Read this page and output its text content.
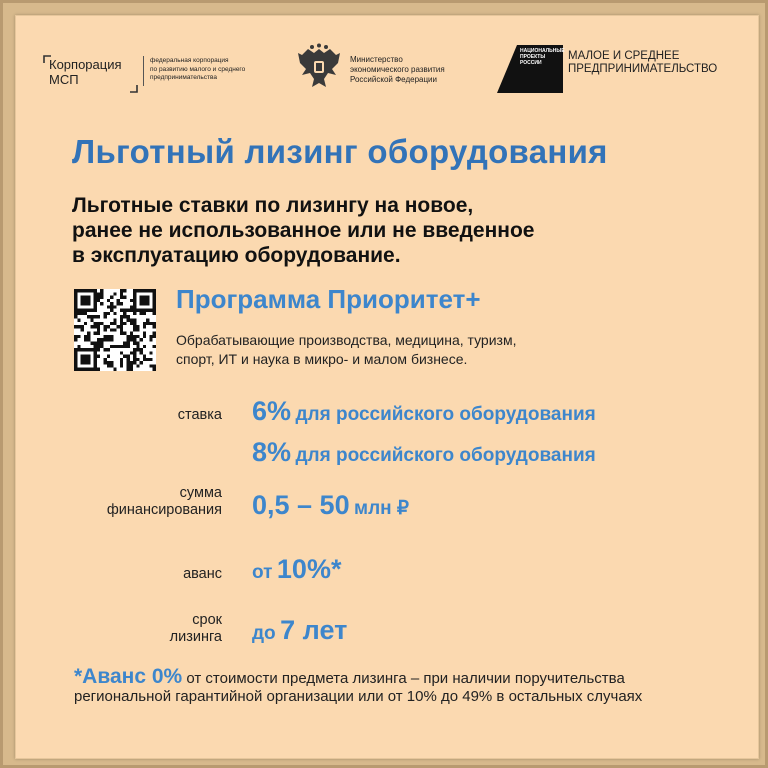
Корпорация
МСП
федеральная корпорация
по развитию малого и среднего
предпринимательства
Министерство
экономического развития
Российской Федерации
НАЦИОНАЛЬНЫЕ
ПРОЕКТЫ
РОССИИ
МАЛОЕ И СРЕДНЕЕ
ПРЕДПРИНИМАТЕЛЬСТВО
Льготный лизинг оборудования
Льготные ставки по лизингу на новое,
ранее не использованное или не введенное
в эксплуатацию оборудование.
Программа Приоритет+
Обрабатывающие производства, медицина, туризм,
спорт, ИТ и наука в микро- и малом бизнесе.
ставка 6% для российского оборудования
8% для российского оборудования
сумма
финансирования 0,5 – 50 млн ₽
аванс от 10%*
срок
лизинга до 7 лет
*Аванс 0% от стоимости предмета лизинга – при наличии поручительства региональной гарантийной организации или от 10% до 49% в остальных случаях
